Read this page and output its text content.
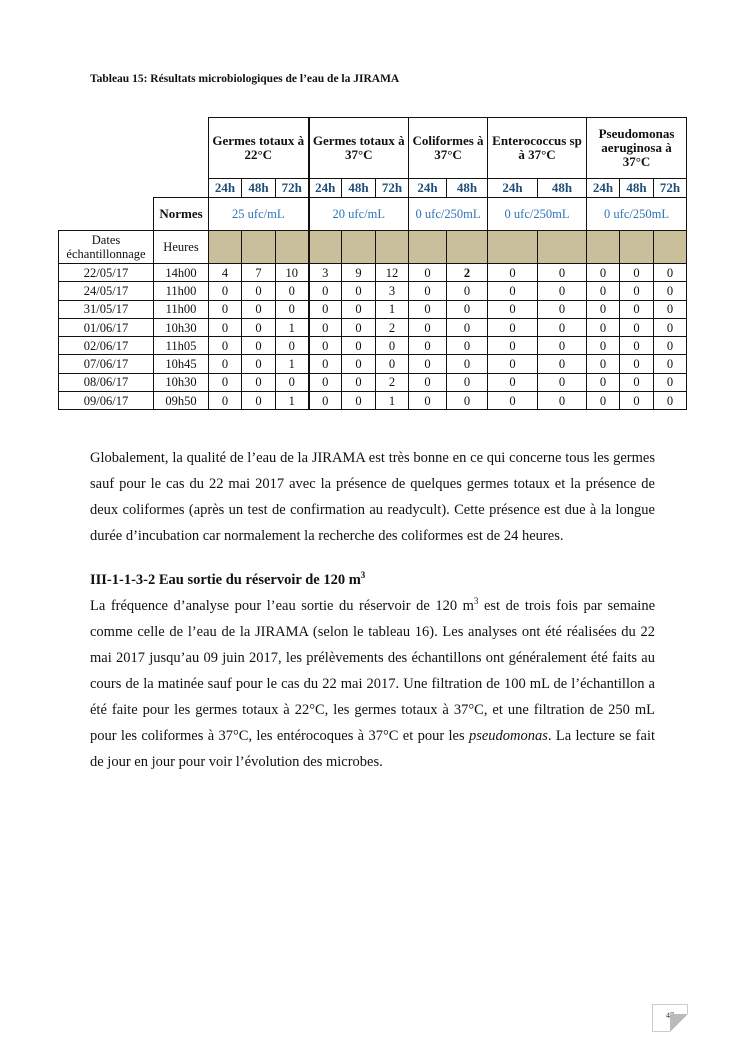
Tableau 15: Résultats microbiologiques de l’eau de la JIRAMA
		Germes totaux à 22°C			Germes totaux à 37°C			Coliformes à 37°C		Enterococcus sp à 37°C		Pseudomonas aeruginosa à 37°C		
		24h	48h	72h	24h	48h	72h	24h	48h	24h	48h	24h	48h	72h
	Normes	25 ufc/mL			20 ufc/mL			0 ufc/250mL		0 ufc/250mL		0 ufc/250mL		
Dates échantillonnage	Heures													
22/05/17	14h00	4	7	10	3	9	12	0	2	0	0	0	0	0
24/05/17	11h00	0	0	0	0	0	3	0	0	0	0	0	0	0
31/05/17	11h00	0	0	0	0	0	1	0	0	0	0	0	0	0
01/06/17	10h30	0	0	1	0	0	2	0	0	0	0	0	0	0
02/06/17	11h05	0	0	0	0	0	0	0	0	0	0	0	0	0
07/06/17	10h45	0	0	1	0	0	0	0	0	0	0	0	0	0
08/06/17	10h30	0	0	0	0	0	2	0	0	0	0	0	0	0
09/06/17	09h50	0	0	1	0	0	1	0	0	0	0	0	0	0

Globalement, la qualité de l’eau de la JIRAMA est très bonne en ce qui concerne tous les germes sauf pour le cas du 22 mai 2017 avec la présence de quelques germes totaux et la présence de deux coliformes (après un test de confirmation au readycult). Cette présence est due à la longue durée d’incubation car normalement la recherche des coliformes est de 24 heures.

III-1-1-3-2 Eau sortie du réservoir de 120 $m^3$

La fréquence d’analyse pour l’eau sortie du réservoir de 120 $m^3$ est de trois fois par semaine comme celle de l’eau de la JIRAMA (selon le tableau 16). Les analyses ont été réalisées du 22 mai 2017 jusqu’au 09 juin 2017, les prélèvements des échantillons ont généralement été faits au cours de la matinée sauf pour le cas du 22 mai 2017. Une filtration de 100 mL de l’échantillon a été faite pour les germes totaux à 22°C, les germes totaux à 37°C, et une filtration de 250 mL pour les coliformes à 37°C, les entérocoques à 37°C et pour les pseudomonas. La lecture se fait de jour en jour pour voir l’évolution des microbes.

47
